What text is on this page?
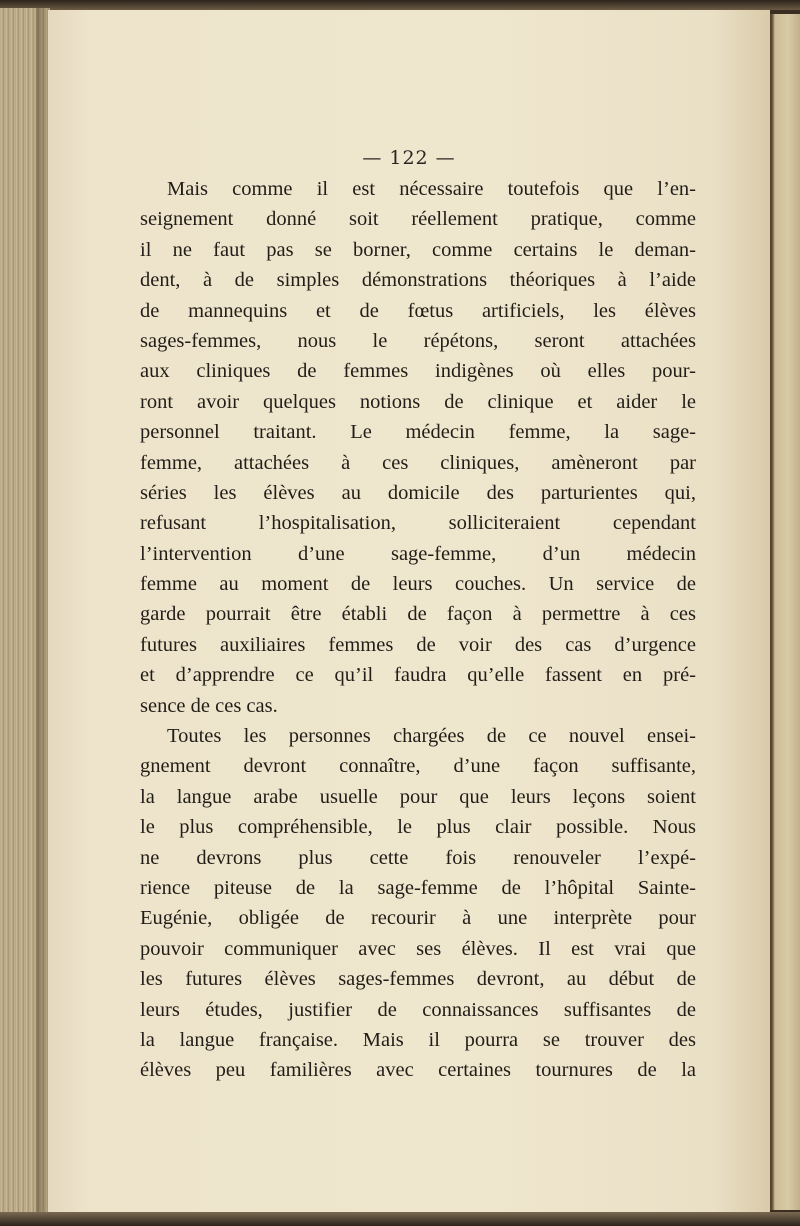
— 122 —
Mais comme il est nécessaire toutefois que l’en-
seignement donné soit réellement pratique, comme
il ne faut pas se borner, comme certains le deman-
dent, à de simples démonstrations théoriques à l’aide
de mannequins et de fœtus artificiels, les élèves
sages-femmes, nous le répétons, seront attachées
aux cliniques de femmes indigènes où elles pour-
ront avoir quelques notions de clinique et aider le
personnel traitant. Le médecin femme, la sage-
femme, attachées à ces cliniques, amèneront par
séries les élèves au domicile des parturientes qui,
refusant l’hospitalisation, solliciteraient cependant
l’intervention d’une sage-femme, d’un médecin
femme au moment de leurs couches. Un service de
garde pourrait être établi de façon à permettre à ces
futures auxiliaires femmes de voir des cas d’urgence
et d’apprendre ce qu’il faudra qu’elle fassent en pré-
sence de ces cas.
Toutes les personnes chargées de ce nouvel ensei-
gnement devront connaître, d’une façon suffisante,
la langue arabe usuelle pour que leurs leçons soient
le plus compréhensible, le plus clair possible. Nous
ne devrons plus cette fois renouveler l’expé-
rience piteuse de la sage-femme de l’hôpital Sainte-
Eugénie, obligée de recourir à une interprète pour
pouvoir communiquer avec ses élèves. Il est vrai que
les futures élèves sages-femmes devront, au début de
leurs études, justifier de connaissances suffisantes de
la langue française. Mais il pourra se trouver des
élèves peu familières avec certaines tournures de la
